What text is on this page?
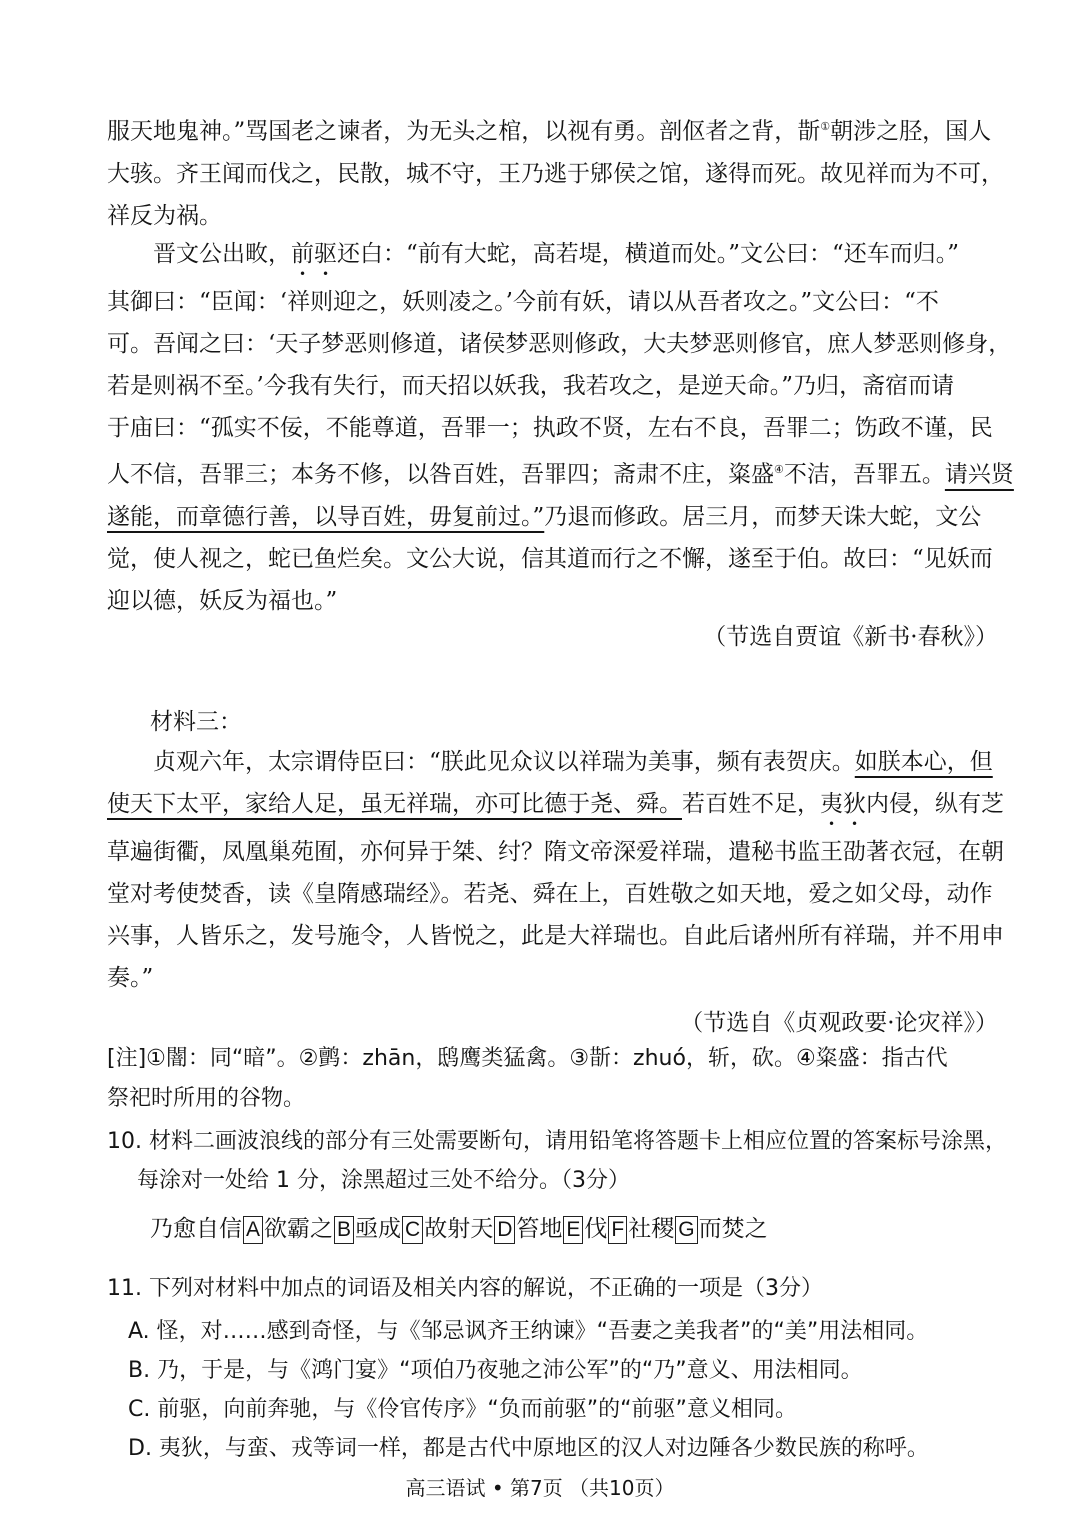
服天地鬼神。”骂国老之谏者，为无头之棺，以视有勇。剖伛者之背，斮①朝涉之胫，国人
大骇。齐王闻而伐之，民散，城不守，王乃逃于郳侯之馆，遂得而死。故见祥而为不可，
祥反为祸。

晋文公出畋，前驱还白：“前有大蛇，高若堤，横道而处。”文公曰：“还车而归。”
其御曰：“臣闻：‘祥则迎之，妖则凌之。’今前有妖，请以从吾者攻之。”文公曰：“不
可。吾闻之曰：‘天子梦恶则修道，诸侯梦恶则修政，大夫梦恶则修官，庶人梦恶则修身，
若是则祸不至。’今我有失行，而天招以妖我，我若攻之，是逆天命。”乃归，斋宿而请
于庙曰：“孤实不佞，不能尊道，吾罪一；执政不贤，左右不良，吾罪二；饬政不谨，民
人不信，吾罪三；本务不修，以咎百姓，吾罪四；斋肃不庄，粢盛④不洁，吾罪五。请兴贤
遂能，而章德行善，以导百姓，毋复前过。”乃退而修政。居三月，而梦天诛大蛇，文公
觉，使人视之，蛇已鱼烂矣。文公大说，信其道而行之不懈，遂至于伯。故曰：“见妖而
迎以德，妖反为福也。”

（节选自贾谊《新书·春秋》）
材料三：

贞观六年，太宗谓侍臣曰：“朕此见众议以祥瑞为美事，频有表贺庆。如朕本心，但
使天下太平，家给人足，虽无祥瑞，亦可比德于尧、舜。若百姓不足，夷狄内侵，纵有芝
草遍街衢，凤凰巢苑囿，亦何异于桀、纣？隋文帝深爱祥瑞，遣秘书监王劭著衣冠，在朝
堂对考使焚香，读《皇隋感瑞经》。若尧、舜在上，百姓敬之如天地，爱之如父母，动作
兴事，人皆乐之，发号施令，人皆悦之，此是大祥瑞也。自此后诸州所有祥瑞，并不用申
奏。”

（节选自《贞观政要·论灾祥》）
[注]①闇：同“暗”。②鹯：zhān，鸱鹰类猛禽。③斮：zhuó，斩，砍。④粢盛：指古代
祭祀时所用的谷物。
10. 材料二画波浪线的部分有三处需要断句，请用铅笔将答题卡上相应位置的答案标号涂黑，
每涂对一处给 1 分，涂黑超过三处不给分。（3分）
乃愈自信 A 欲霸之 B 亟成 C 故射天 D 笞地 E 伐 F 社稷 G 而焚之
11. 下列对材料中加点的词语及相关内容的解说，不正确的一项是（3分）
A. 怪，对……感到奇怪，与《邹忌讽齐王纳谏》“吾妻之美我者”的“美”用法相同。
B. 乃，于是，与《鸿门宴》“项伯乃夜驰之沛公军”的“乃”意义、用法相同。
C. 前驱，向前奔驰，与《伶官传序》“负而前驱”的“前驱”意义相同。
D. 夷狄，与蛮、戎等词一样，都是古代中原地区的汉人对边陲各少数民族的称呼。
高三语试 • 第7页 （共10页）
